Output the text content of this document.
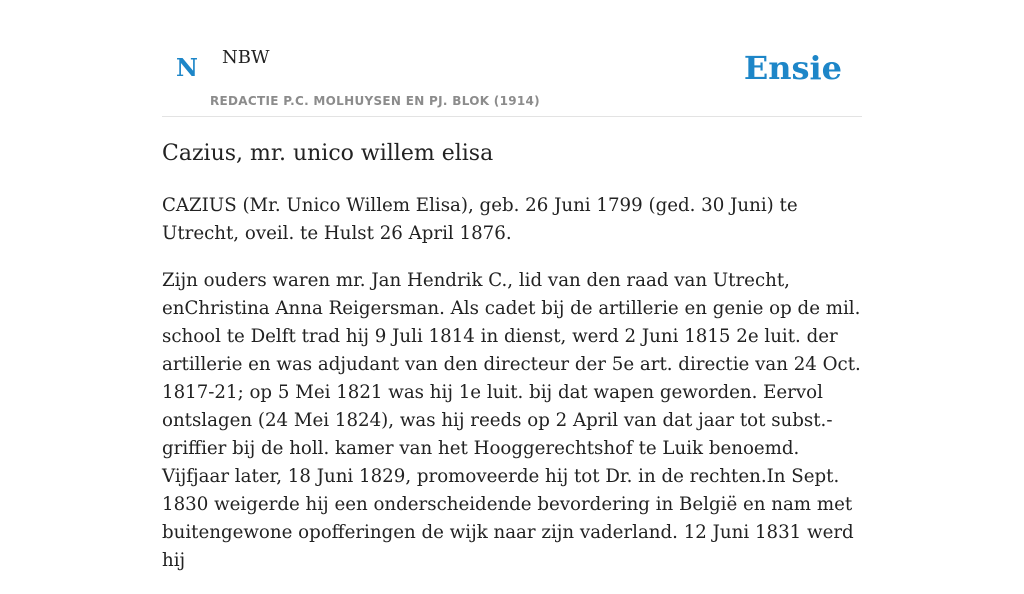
N NBW
REDACTIE P.C. MOLHUYSEN EN PJ. BLOK (1914)
Ensie
Cazius, mr. unico willem elisa

CAZIUS (Mr. Unico Willem Elisa), geb. 26 Juni 1799 (ged. 30 Juni) te Utrecht, oveil. te Hulst 26 April 1876.

Zijn ouders waren mr. Jan Hendrik C., lid van den raad van Utrecht, enChristina Anna Reigersman. Als cadet bij de artillerie en genie op de mil. school te Delft trad hij 9 Juli 1814 in dienst, werd 2 Juni 1815 2e luit. der artillerie en was adjudant van den directeur der 5e art. directie van 24 Oct. 1817-21; op 5 Mei 1821 was hij 1e luit. bij dat wapen geworden. Eervol ontslagen (24 Mei 1824), was hij reeds op 2 April van dat jaar tot subst.-griffier bij de holl. kamer van het Hooggerechtshof te Luik benoemd. Vijfjaar later, 18 Juni 1829, promoveerde hij tot Dr. in de rechten.In Sept. 1830 weigerde hij een onderscheidende bevordering in België en nam met buitengewone opofferingen de wijk naar zijn vaderland. 12 Juni 1831 werd hij
